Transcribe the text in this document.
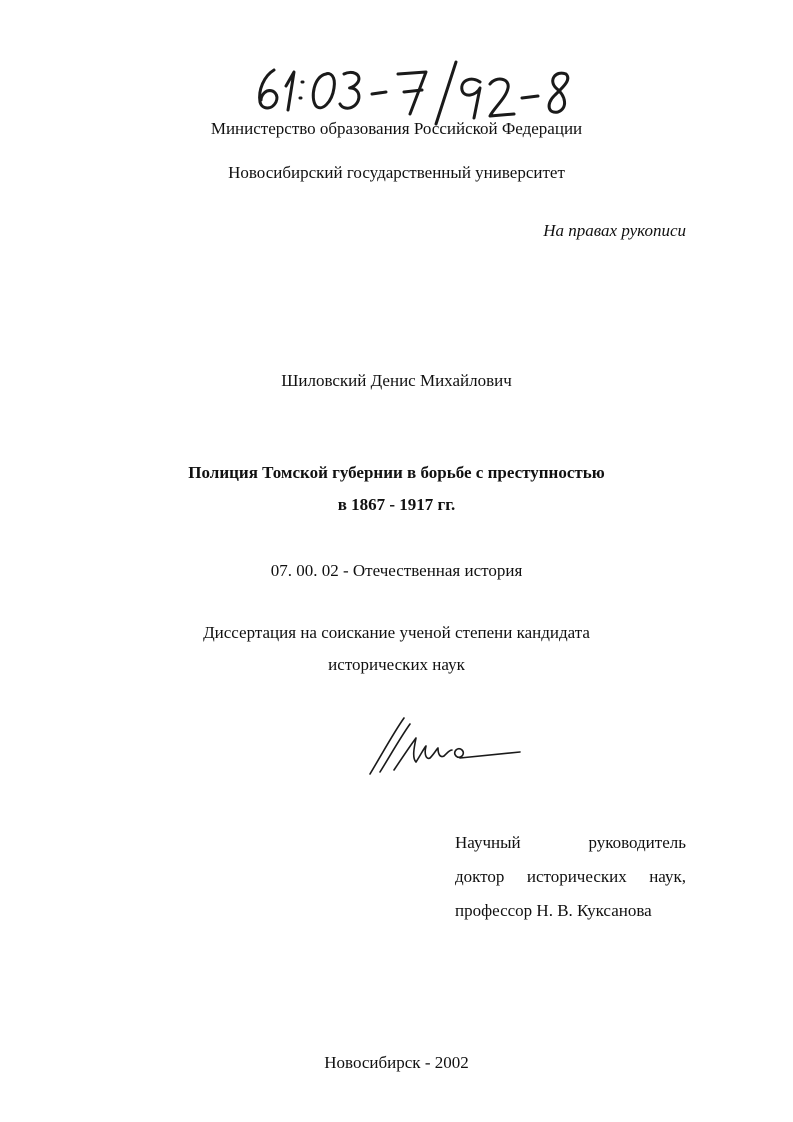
Министерство образования Российской Федерации
Новосибирский государственный университет
На правах рукописи
Шиловский Денис Михайлович
Полиция Томской губернии в борьбе с преступностью
в 1867 - 1917 гг.
07. 00. 02 - Отечественная история
Диссертация на соискание ученой степени кандидата
исторических наук
Научный	руководитель
доктор исторических наук,
профессор Н. В. Куксанова
Новосибирск - 2002
